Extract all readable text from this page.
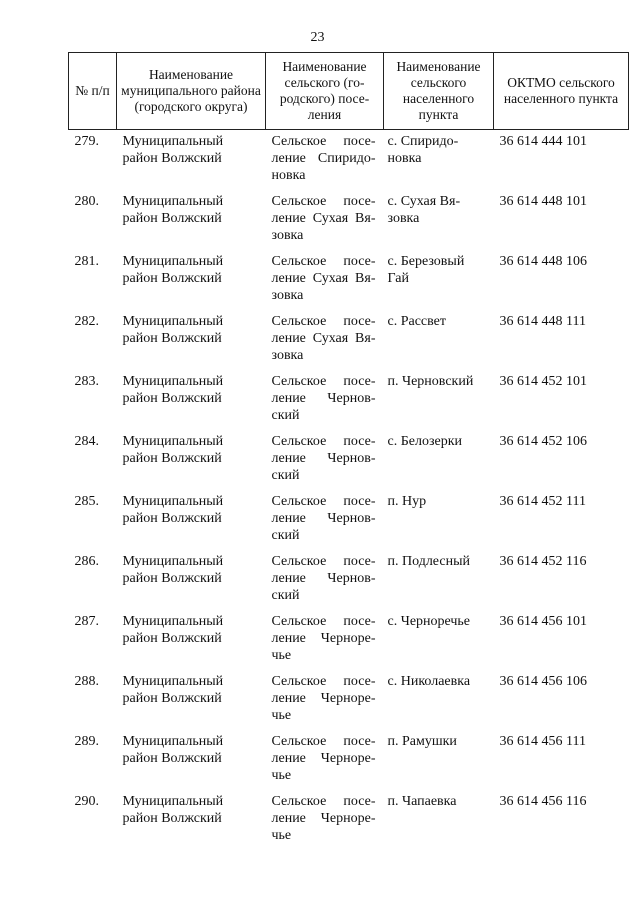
23
№ п/п	Наименование муниципального района (городского округа)	Наименование сельского (го-родского) посе-ления	Наименование сельского населенного пункта	ОКТМО сельского населенного пункта
279.	Муниципальный район Волжский	Сельское посе-ление Спиридо-новка	с. Спиридо-новка	36 614 444 101
280.	Муниципальный район Волжский	Сельское посе-ление Сухая Вя-зовка	с. Сухая Вя-зовка	36 614 448 101
281.	Муниципальный район Волжский	Сельское посе-ление Сухая Вя-зовка	с. Березовый Гай	36 614 448 106
282.	Муниципальный район Волжский	Сельское посе-ление Сухая Вя-зовка	с. Рассвет	36 614 448 111
283.	Муниципальный район Волжский	Сельское посе-ление Чернов-ский	п. Черновский	36 614 452 101
284.	Муниципальный район Волжский	Сельское посе-ление Чернов-ский	с. Белозерки	36 614 452 106
285.	Муниципальный район Волжский	Сельское посе-ление Чернов-ский	п. Нур	36 614 452 111
286.	Муниципальный район Волжский	Сельское посе-ление Чернов-ский	п. Подлесный	36 614 452 116
287.	Муниципальный район Волжский	Сельское посе-ление Черноре-чье	с. Черноречье	36 614 456 101
288.	Муниципальный район Волжский	Сельское посе-ление Черноре-чье	с. Николаевка	36 614 456 106
289.	Муниципальный район Волжский	Сельское посе-ление Черноре-чье	п. Рамушки	36 614 456 111
290.	Муниципальный район Волжский	Сельское посе-ление Черноре-чье	п. Чапаевка	36 614 456 116
